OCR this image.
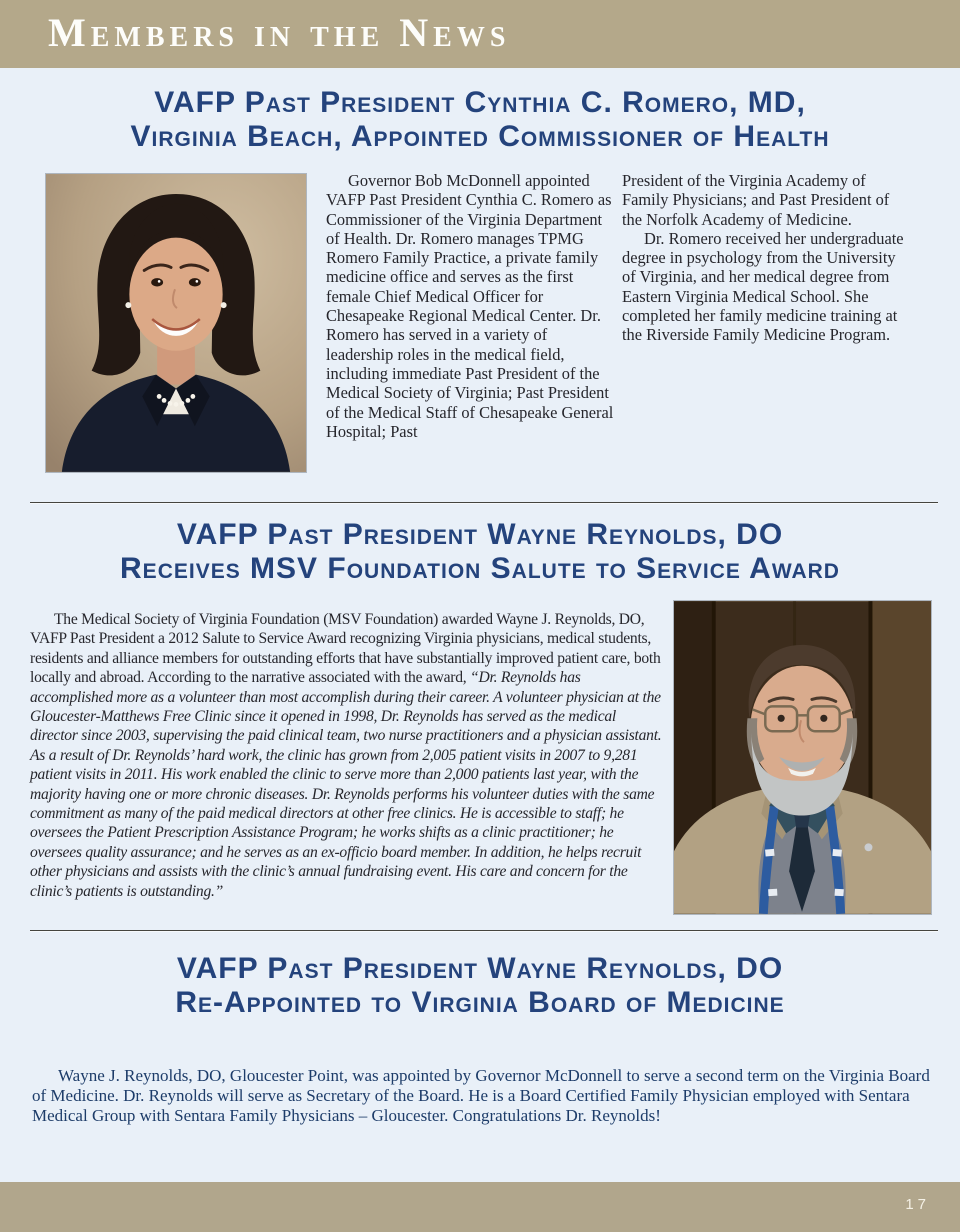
Members in the News
VAFP Past President Cynthia C. Romero, MD,
Virginia Beach, Appointed Commissioner of Health

Governor Bob McDonnell appointed VAFP Past President Cynthia C. Romero as Commissioner of the Virginia Department of Health. Dr. Romero manages TPMG Romero Family Practice, a private family medicine office and serves as the first female Chief Medical Officer for Chesapeake Regional Medical Center. Dr. Romero has served in a variety of leadership roles in the medical field, including immediate Past President of the Medical Society of Virginia; Past President of the Medical Staff of Chesapeake General Hospital; Past

President of the Virginia Academy of Family Physicians; and Past President of the Norfolk Academy of Medicine.

Dr. Romero received her undergraduate degree in psychology from the University of Virginia, and her medical degree from Eastern Virginia Medical School. She completed her family medicine training at the Riverside Family Medicine Program.

VAFP Past President Wayne Reynolds, DO
Receives MSV Foundation Salute to Service Award

The Medical Society of Virginia Foundation (MSV Foundation) awarded Wayne J. Reynolds, DO, VAFP Past President a 2012 Salute to Service Award recognizing Virginia physicians, medical students, residents and alliance members for outstanding efforts that have substantially improved patient care, both locally and abroad. According to the narrative associated with the award, “Dr. Reynolds has accomplished more as a volunteer than most accomplish during their career. A volunteer physician at the Gloucester-Matthews Free Clinic since it opened in 1998, Dr. Reynolds has served as the medical director since 2003, supervising the paid clinical team, two nurse practitioners and a physician assistant. As a result of Dr. Reynolds’ hard work, the clinic has grown from 2,005 patient visits in 2007 to 9,281 patient visits in 2011. His work enabled the clinic to serve more than 2,000 patients last year, with the majority having one or more chronic diseases. Dr. Reynolds performs his volunteer duties with the same commitment as many of the paid medical directors at other free clinics. He is accessible to staff; he oversees the Patient Prescription Assistance Program; he works shifts as a clinic practitioner; he oversees quality assurance; and he serves as an ex-officio board member. In addition, he helps recruit other physicians and assists with the clinic’s annual fundraising event. His care and concern for the clinic’s patients is outstanding.”

VAFP Past President Wayne Reynolds, DO
Re-Appointed to Virginia Board of Medicine

Wayne J. Reynolds, DO, Gloucester Point, was appointed by Governor McDonnell to serve a second term on the Virginia Board of Medicine. Dr. Reynolds will serve as Secretary of the Board. He is a Board Certified Family Physician employed with Sentara Medical Group with Sentara Family Physicians – Gloucester. Congratulations Dr. Reynolds!

17
